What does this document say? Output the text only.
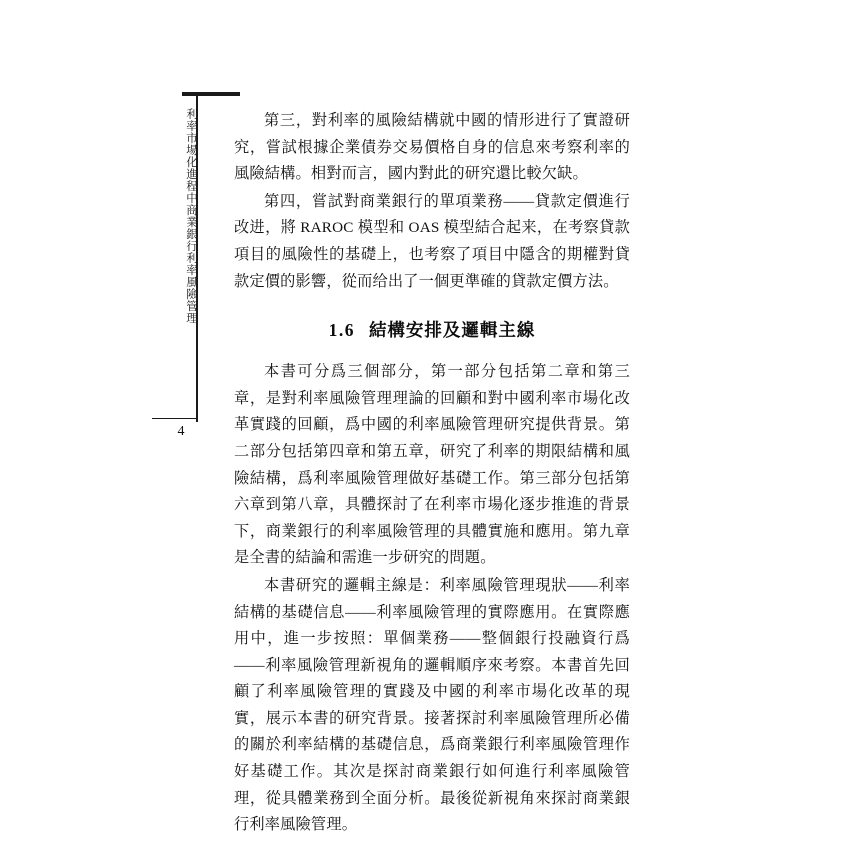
利率市場化進程中商業銀行利率風險管理
4

第三，對利率的風險結構就中國的情形进行了實證研究，嘗試根據企業債券交易價格自身的信息來考察利率的風險結構。相對而言，國内對此的研究還比較欠缺。

第四，嘗試對商業銀行的單項業務——貸款定價進行改进，將 RAROC 模型和 OAS 模型結合起来，在考察貸款項目的風險性的基礎上，也考察了項目中隱含的期權對貸款定價的影響，從而给出了一個更準確的貸款定價方法。

1.6 結構安排及邏輯主線

本書可分爲三個部分，第一部分包括第二章和第三章，是對利率風險管理理論的回顧和對中國利率市場化改革實踐的回顧，爲中國的利率風險管理研究提供背景。第二部分包括第四章和第五章，研究了利率的期限結構和風險結構，爲利率風險管理做好基礎工作。第三部分包括第六章到第八章，具體探討了在利率市場化逐步推進的背景下，商業銀行的利率風險管理的具體實施和應用。第九章是全書的結論和需進一步研究的問題。

本書研究的邏輯主線是：利率風險管理現狀——利率結構的基礎信息——利率風險管理的實際應用。在實際應用中，進一步按照：單個業務——整個銀行投融資行爲——利率風險管理新視角的邏輯順序來考察。本書首先回顧了利率風險管理的實踐及中國的利率市場化改革的現實，展示本書的研究背景。接著探討利率風險管理所必備的關於利率結構的基礎信息，爲商業銀行利率風險管理作好基礎工作。其次是探討商業銀行如何進行利率風險管理，從具體業務到全面分析。最後從新視角來探討商業銀行利率風險管理。
